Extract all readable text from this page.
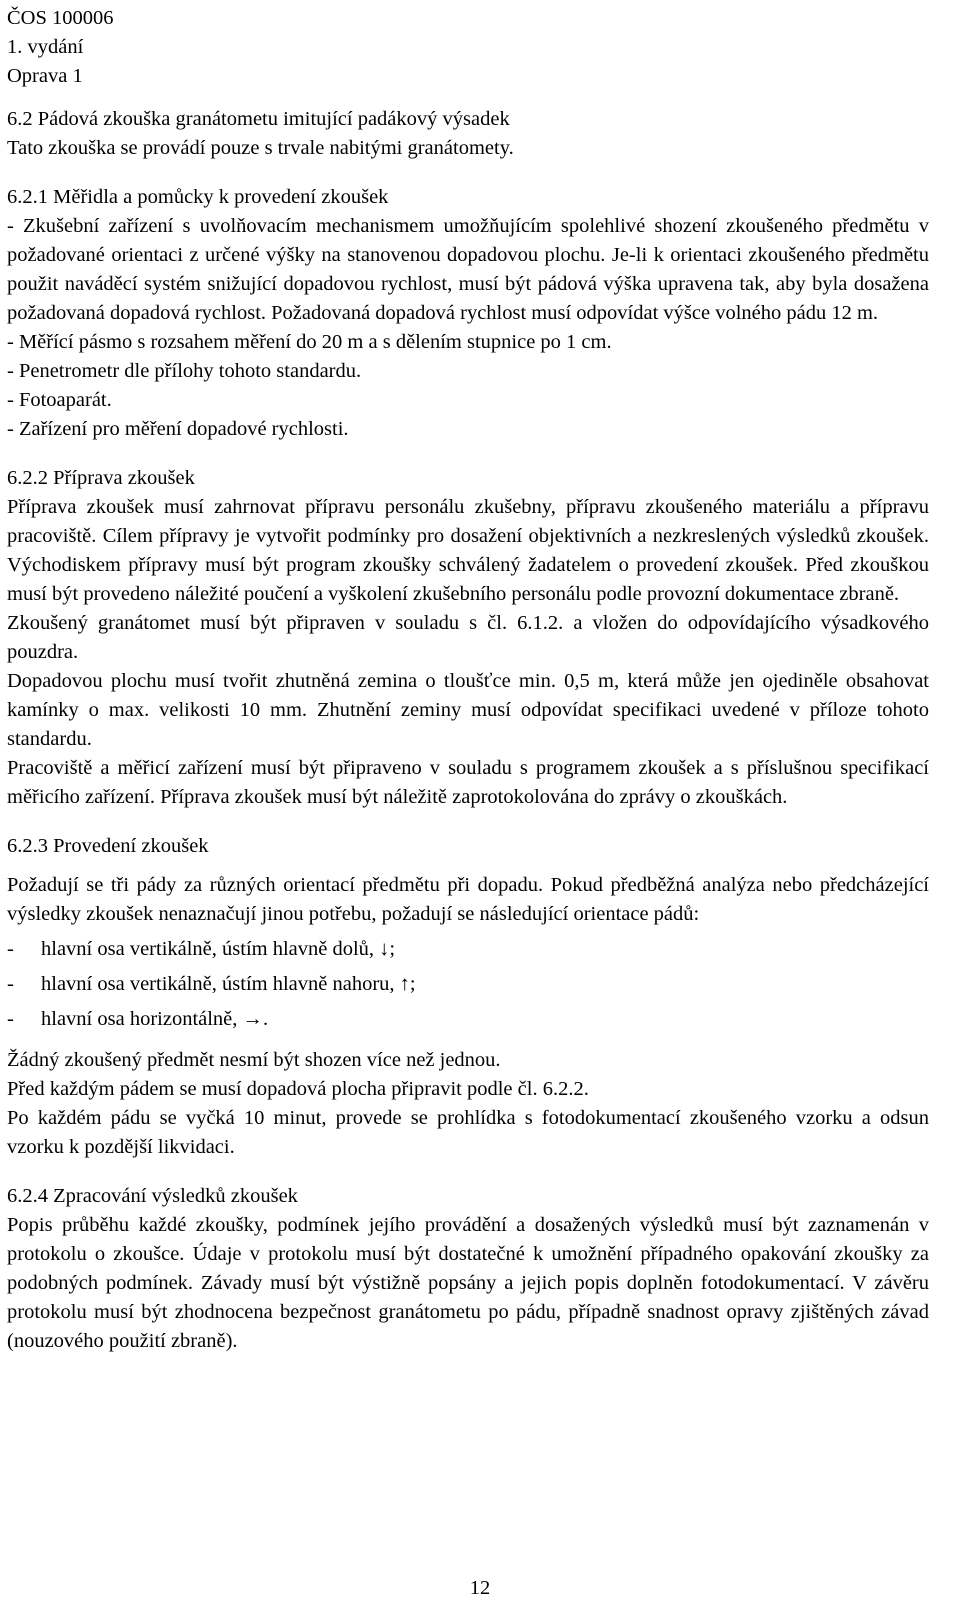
ČOS 100006

1. vydání

Oprava 1

6.2 Pádová zkouška granátometu imitující padákový výsadek

Tato zkouška se provádí pouze s trvale nabitými granátomety.

6.2.1 Měřidla a pomůcky k provedení zkoušek

- Zkušební zařízení s uvolňovacím mechanismem umožňujícím spolehlivé shození zkoušeného předmětu v požadované orientaci z určené výšky na stanovenou dopadovou plochu. Je-li k orientaci zkoušeného předmětu použit naváděcí systém snižující dopadovou rychlost, musí být pádová výška upravena tak, aby byla dosažena požadovaná dopadová rychlost. Požadovaná dopadová rychlost musí odpovídat výšce volného pádu 12 m.

- Měřící pásmo s rozsahem měření do 20 m a s dělením stupnice po 1 cm.

- Penetrometr dle přílohy tohoto standardu.

- Fotoaparát.

- Zařízení pro měření dopadové rychlosti.

6.2.2 Příprava zkoušek

Příprava zkoušek musí zahrnovat přípravu personálu zkušebny, přípravu zkoušeného materiálu a přípravu pracoviště. Cílem přípravy je vytvořit podmínky pro dosažení objektivních a nezkreslených výsledků zkoušek. Východiskem přípravy musí být program zkoušky schválený žadatelem o provedení zkoušek. Před zkouškou musí být provedeno náležité poučení a vyškolení zkušebního personálu podle provozní dokumentace zbraně.

Zkoušený granátomet musí být připraven v souladu s čl. 6.1.2. a vložen do odpovídajícího výsadkového pouzdra.

Dopadovou plochu musí tvořit zhutněná zemina o tloušťce min. 0,5 m, která může jen ojediněle obsahovat kamínky o max. velikosti 10 mm. Zhutnění zeminy musí odpovídat specifikaci uvedené v příloze tohoto standardu.

Pracoviště a měřicí zařízení musí být připraveno v souladu s programem zkoušek a s příslušnou specifikací měřicího zařízení. Příprava zkoušek musí být náležitě zaprotokolována do zprávy o zkouškách.

6.2.3 Provedení zkoušek

Požadují se tři pády za různých orientací předmětu při dopadu. Pokud předběžná analýza nebo předcházející výsledky zkoušek nenaznačují jinou potřebu, požadují se následující orientace pádů:

-	hlavní osa vertikálně, ústím hlavně dolů, ↓;
-	hlavní osa vertikálně, ústím hlavně nahoru, ↑;
-	hlavní osa horizontálně, →.

Žádný zkoušený předmět nesmí být shozen více než jednou.

Před každým pádem se musí dopadová plocha připravit podle čl. 6.2.2.

Po každém pádu se vyčká 10 minut, provede se prohlídka s fotodokumentací zkoušeného vzorku a odsun vzorku k pozdější likvidaci.

6.2.4 Zpracování výsledků zkoušek

Popis průběhu každé zkoušky, podmínek jejího provádění a dosažených výsledků musí být zaznamenán v protokolu o zkoušce. Údaje v protokolu musí být dostatečné k umožnění případného opakování zkoušky za podobných podmínek. Závady musí být výstižně popsány a jejich popis doplněn fotodokumentací. V závěru protokolu musí být zhodnocena bezpečnost granátometu po pádu, případně snadnost opravy zjištěných závad (nouzového použití zbraně).

12
